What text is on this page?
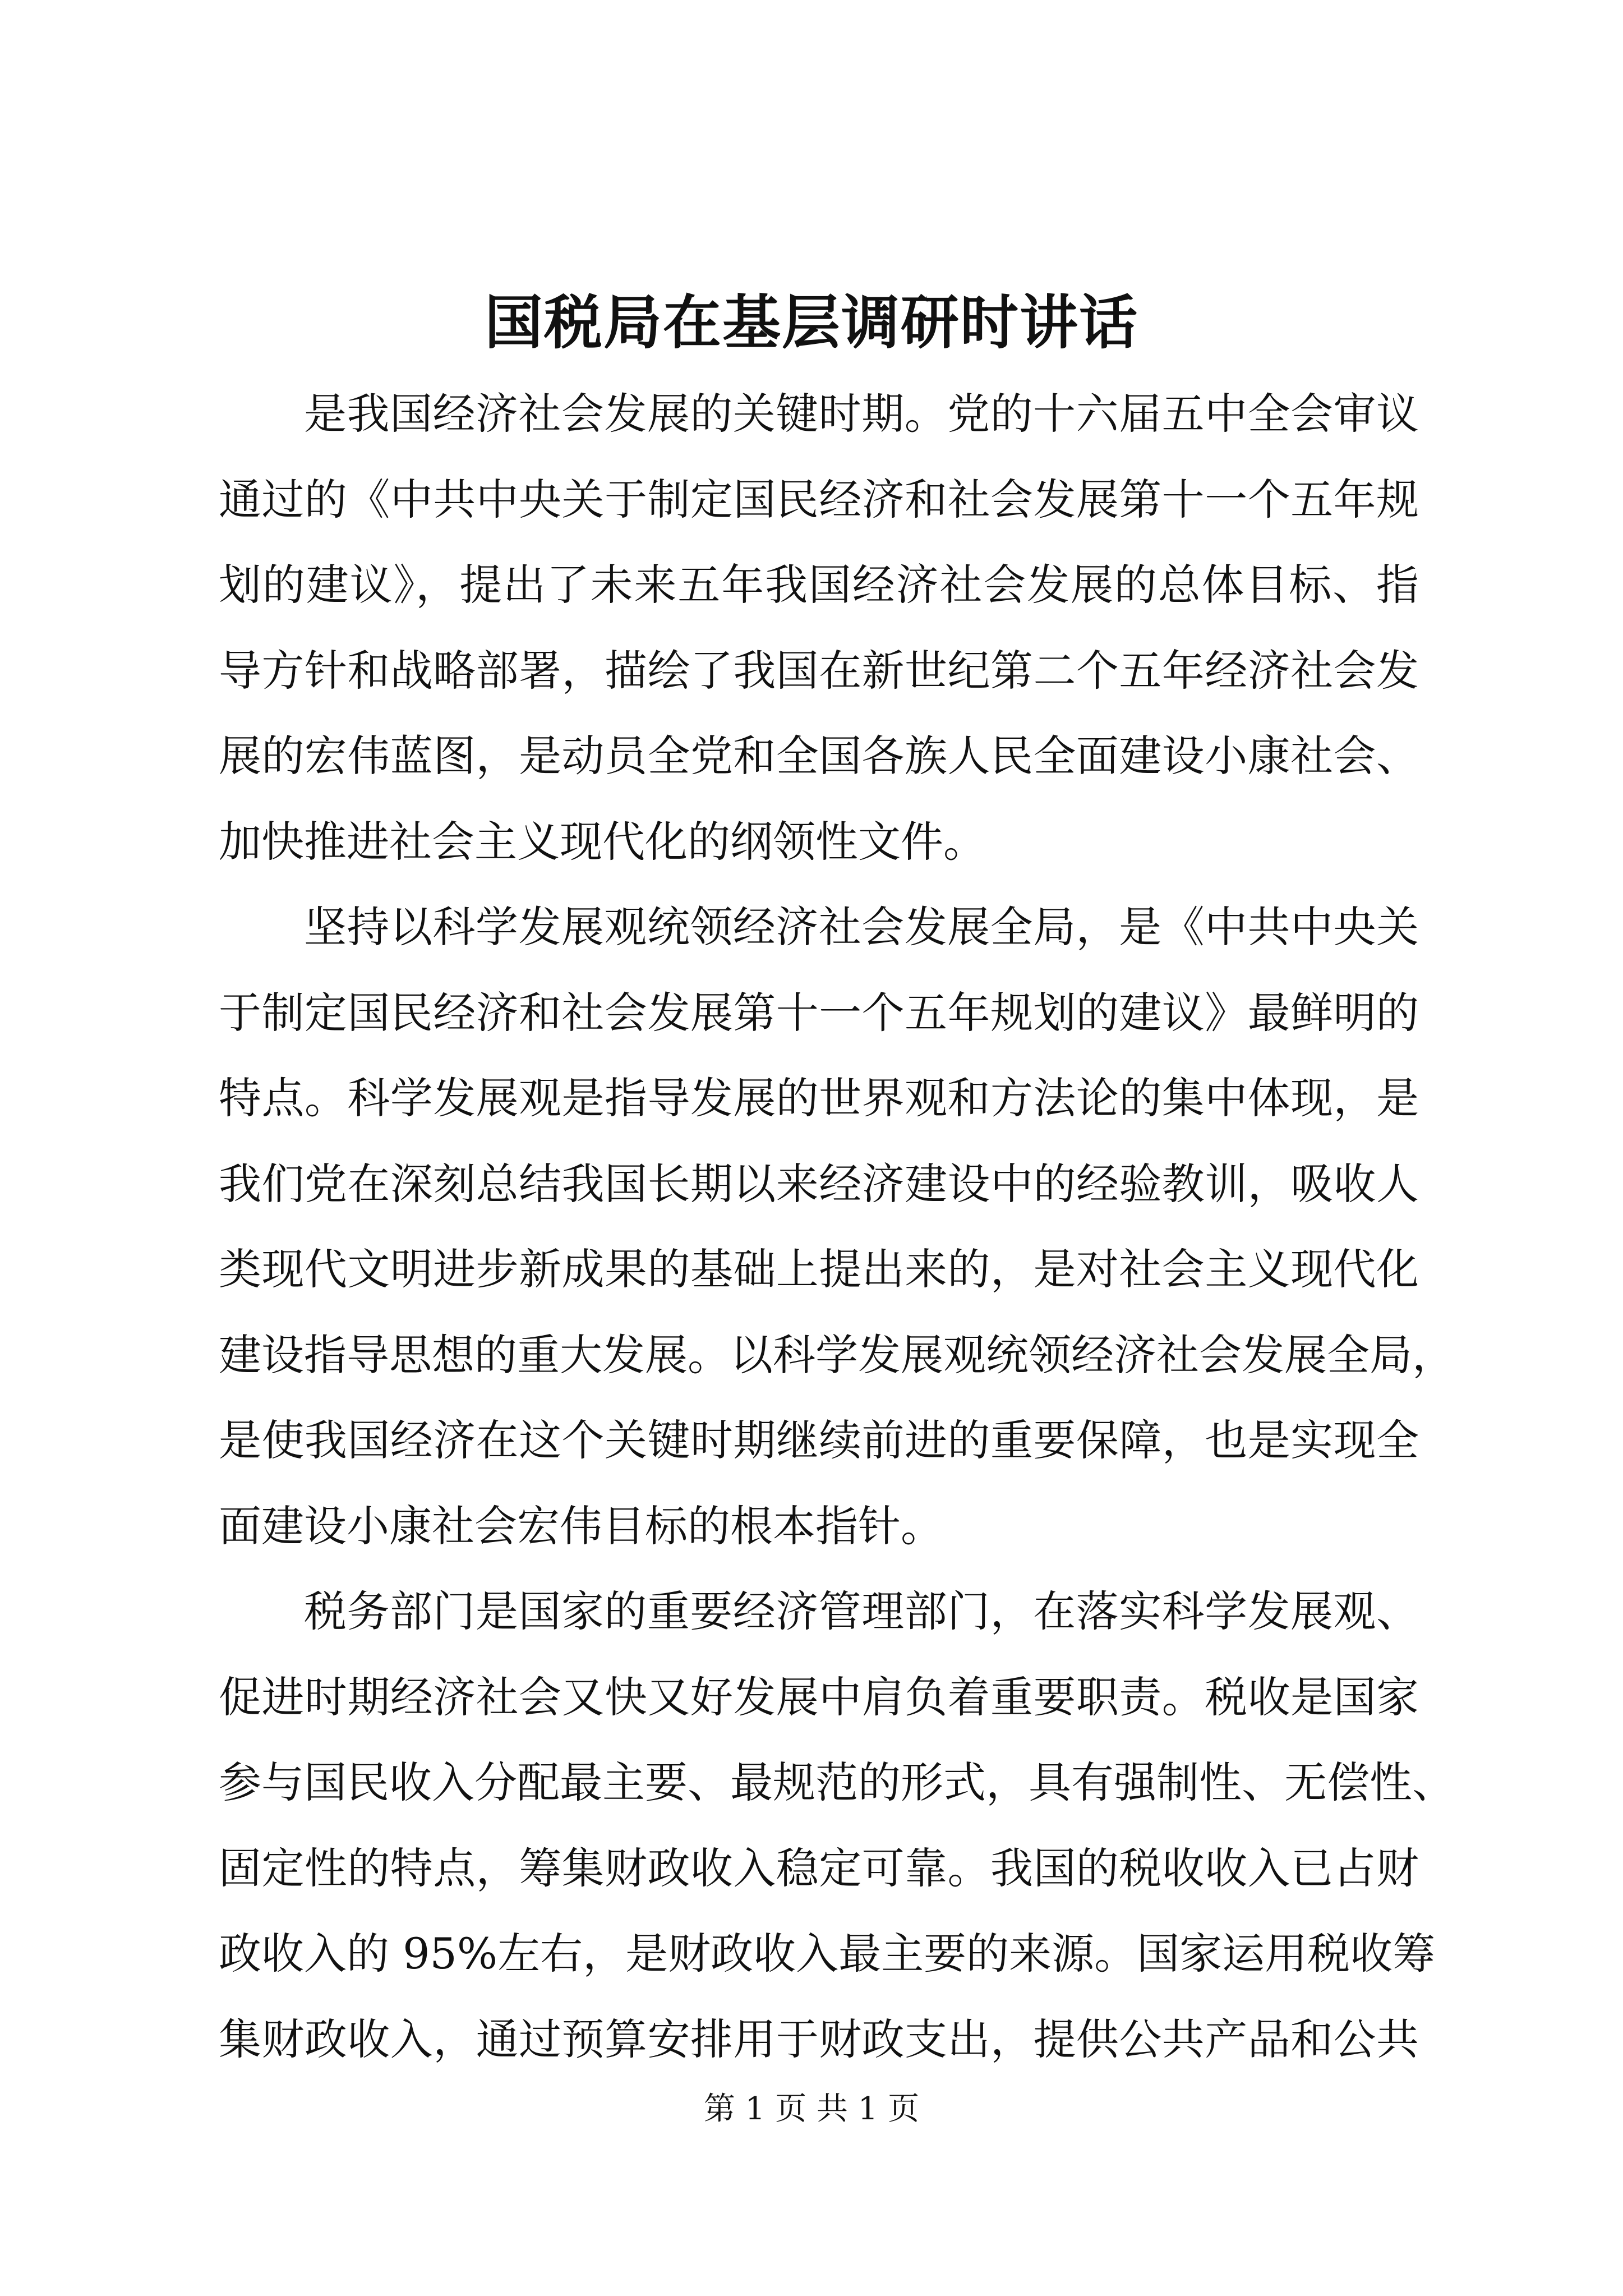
国税局在基层调研时讲话
是我国经济社会发展的关键时期。党的十六届五中全会审议
通过的《中共中央关于制定国民经济和社会发展第十一个五年规
划的建议》，提出了未来五年我国经济社会发展的总体目标、指
导方针和战略部署，描绘了我国在新世纪第二个五年经济社会发
展的宏伟蓝图，是动员全党和全国各族人民全面建设小康社会、
加快推进社会主义现代化的纲领性文件。
坚持以科学发展观统领经济社会发展全局，是《中共中央关
于制定国民经济和社会发展第十一个五年规划的建议》最鲜明的
特点。科学发展观是指导发展的世界观和方法论的集中体现，是
我们党在深刻总结我国长期以来经济建设中的经验教训，吸收人
类现代文明进步新成果的基础上提出来的，是对社会主义现代化
建设指导思想的重大发展。以科学发展观统领经济社会发展全局，
是使我国经济在这个关键时期继续前进的重要保障，也是实现全
面建设小康社会宏伟目标的根本指针。
税务部门是国家的重要经济管理部门，在落实科学发展观、
促进时期经济社会又快又好发展中肩负着重要职责。税收是国家
参与国民收入分配最主要、最规范的形式，具有强制性、无偿性、
固定性的特点，筹集财政收入稳定可靠。我国的税收收入已占财
政收入的 95%左右，是财政收入最主要的来源。国家运用税收筹
集财政收入，通过预算安排用于财政支出，提供公共产品和公共
第 1 页 共 1 页
